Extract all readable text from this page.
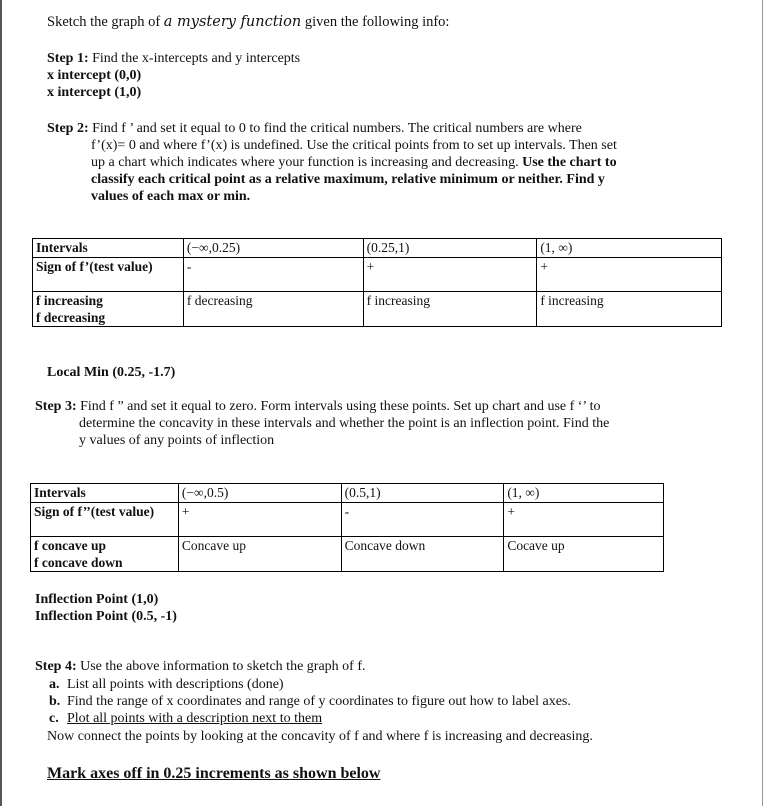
Sketch the graph of a mystery function given the following info:
Step 1: Find the x-intercepts and y intercepts
x intercept (0,0)
x intercept (1,0)
Step 2: Find f ’ and set it equal to 0 to find the critical numbers. The critical numbers are where
f’(x)= 0 and where f’(x) is undefined. Use the critical points from to set up intervals. Then set
up a chart which indicates where your function is increasing and decreasing. Use the chart to
classify each critical point as a relative maximum, relative minimum or neither. Find y
values of each max or min.
Intervals	(−∞,0.25)	(0.25,1)	(1, ∞)
Sign of f’(test value)	-	+	+

f increasing
f decreasing	f decreasing	f increasing	f increasing
Local Min (0.25, -1.7)
Step 3: Find f ” and set it equal to zero. Form intervals using these points. Set up chart and use f ‘’ to
determine the concavity in these intervals and whether the point is an inflection point. Find the
y values of any points of inflection
Intervals	(−∞,0.5)	(0.5,1)	(1, ∞)
Sign of f’’(test value)	+	-	+

f concave up
f concave down	Concave up	Concave down	Cocave up
Inflection Point (1,0)
Inflection Point (0.5, -1)
Step 4: Use the above information to sketch the graph of f.
a. List all points with descriptions (done)
b. Find the range of x coordinates and range of y coordinates to figure out how to label axes.
c. Plot all points with a description next to them
Now connect the points by looking at the concavity of f and where f is increasing and decreasing.
Mark axes off in 0.25 increments as shown below
